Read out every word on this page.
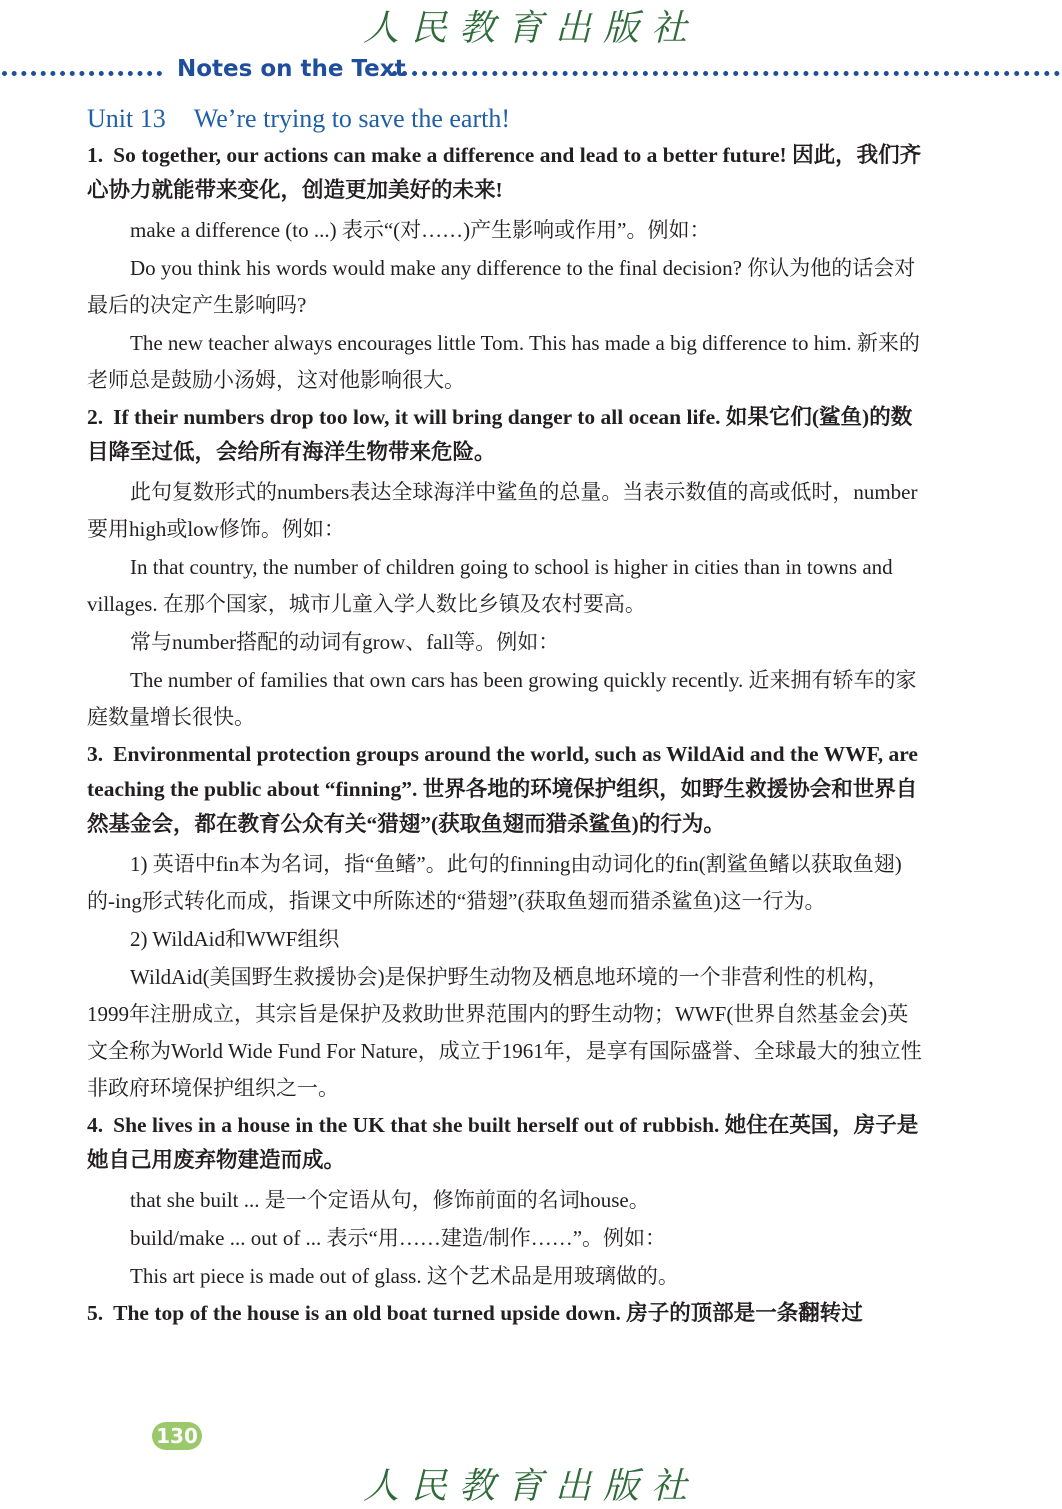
人民教育出版社
Notes on the Text
Unit 13 We’re trying to save the earth!
1. So together, our actions can make a difference and lead to a better future! 因此，我们齐心协力就能带来变化，创造更加美好的未来!
make a difference (to ...) 表示“(对……)产生影响或作用”。例如：
Do you think his words would make any difference to the final decision? 你认为他的话会对最后的决定产生影响吗?
The new teacher always encourages little Tom. This has made a big difference to him. 新来的老师总是鼓励小汤姆，这对他影响很大。
2. If their numbers drop too low, it will bring danger to all ocean life. 如果它们(鲨鱼)的数目降至过低，会给所有海洋生物带来危险。
此句复数形式的numbers表达全球海洋中鲨鱼的总量。当表示数值的高或低时，number要用high或low修饰。例如：
In that country, the number of children going to school is higher in cities than in towns and villages. 在那个国家，城市儿童入学人数比乡镇及农村要高。
常与number搭配的动词有grow、fall等。例如：
The number of families that own cars has been growing quickly recently. 近来拥有轿车的家庭数量增长很快。
3. Environmental protection groups around the world, such as WildAid and the WWF, are teaching the public about “finning”. 世界各地的环境保护组织，如野生救援协会和世界自然基金会，都在教育公众有关“猎翅”(获取鱼翅而猎杀鲨鱼)的行为。
1) 英语中fin本为名词，指“鱼鳍”。此句的finning由动词化的fin(割鲨鱼鳍以获取鱼翅)的-ing形式转化而成，指课文中所陈述的“猎翅”(获取鱼翅而猎杀鲨鱼)这一行为。
2) WildAid和WWF组织
WildAid(美国野生救援协会)是保护野生动物及栖息地环境的一个非营利性的机构，1999年注册成立，其宗旨是保护及救助世界范围内的野生动物；WWF(世界自然基金会)英文全称为World Wide Fund For Nature，成立于1961年，是享有国际盛誉、全球最大的独立性非政府环境保护组织之一。
4. She lives in a house in the UK that she built herself out of rubbish. 她住在英国，房子是她自己用废弃物建造而成。
that she built ... 是一个定语从句，修饰前面的名词house。
build/make ... out of ... 表示“用……建造/制作……”。例如：
This art piece is made out of glass. 这个艺术品是用玻璃做的。
5. The top of the house is an old boat turned upside down. 房子的顶部是一条翻转过
130
人民教育出版社
